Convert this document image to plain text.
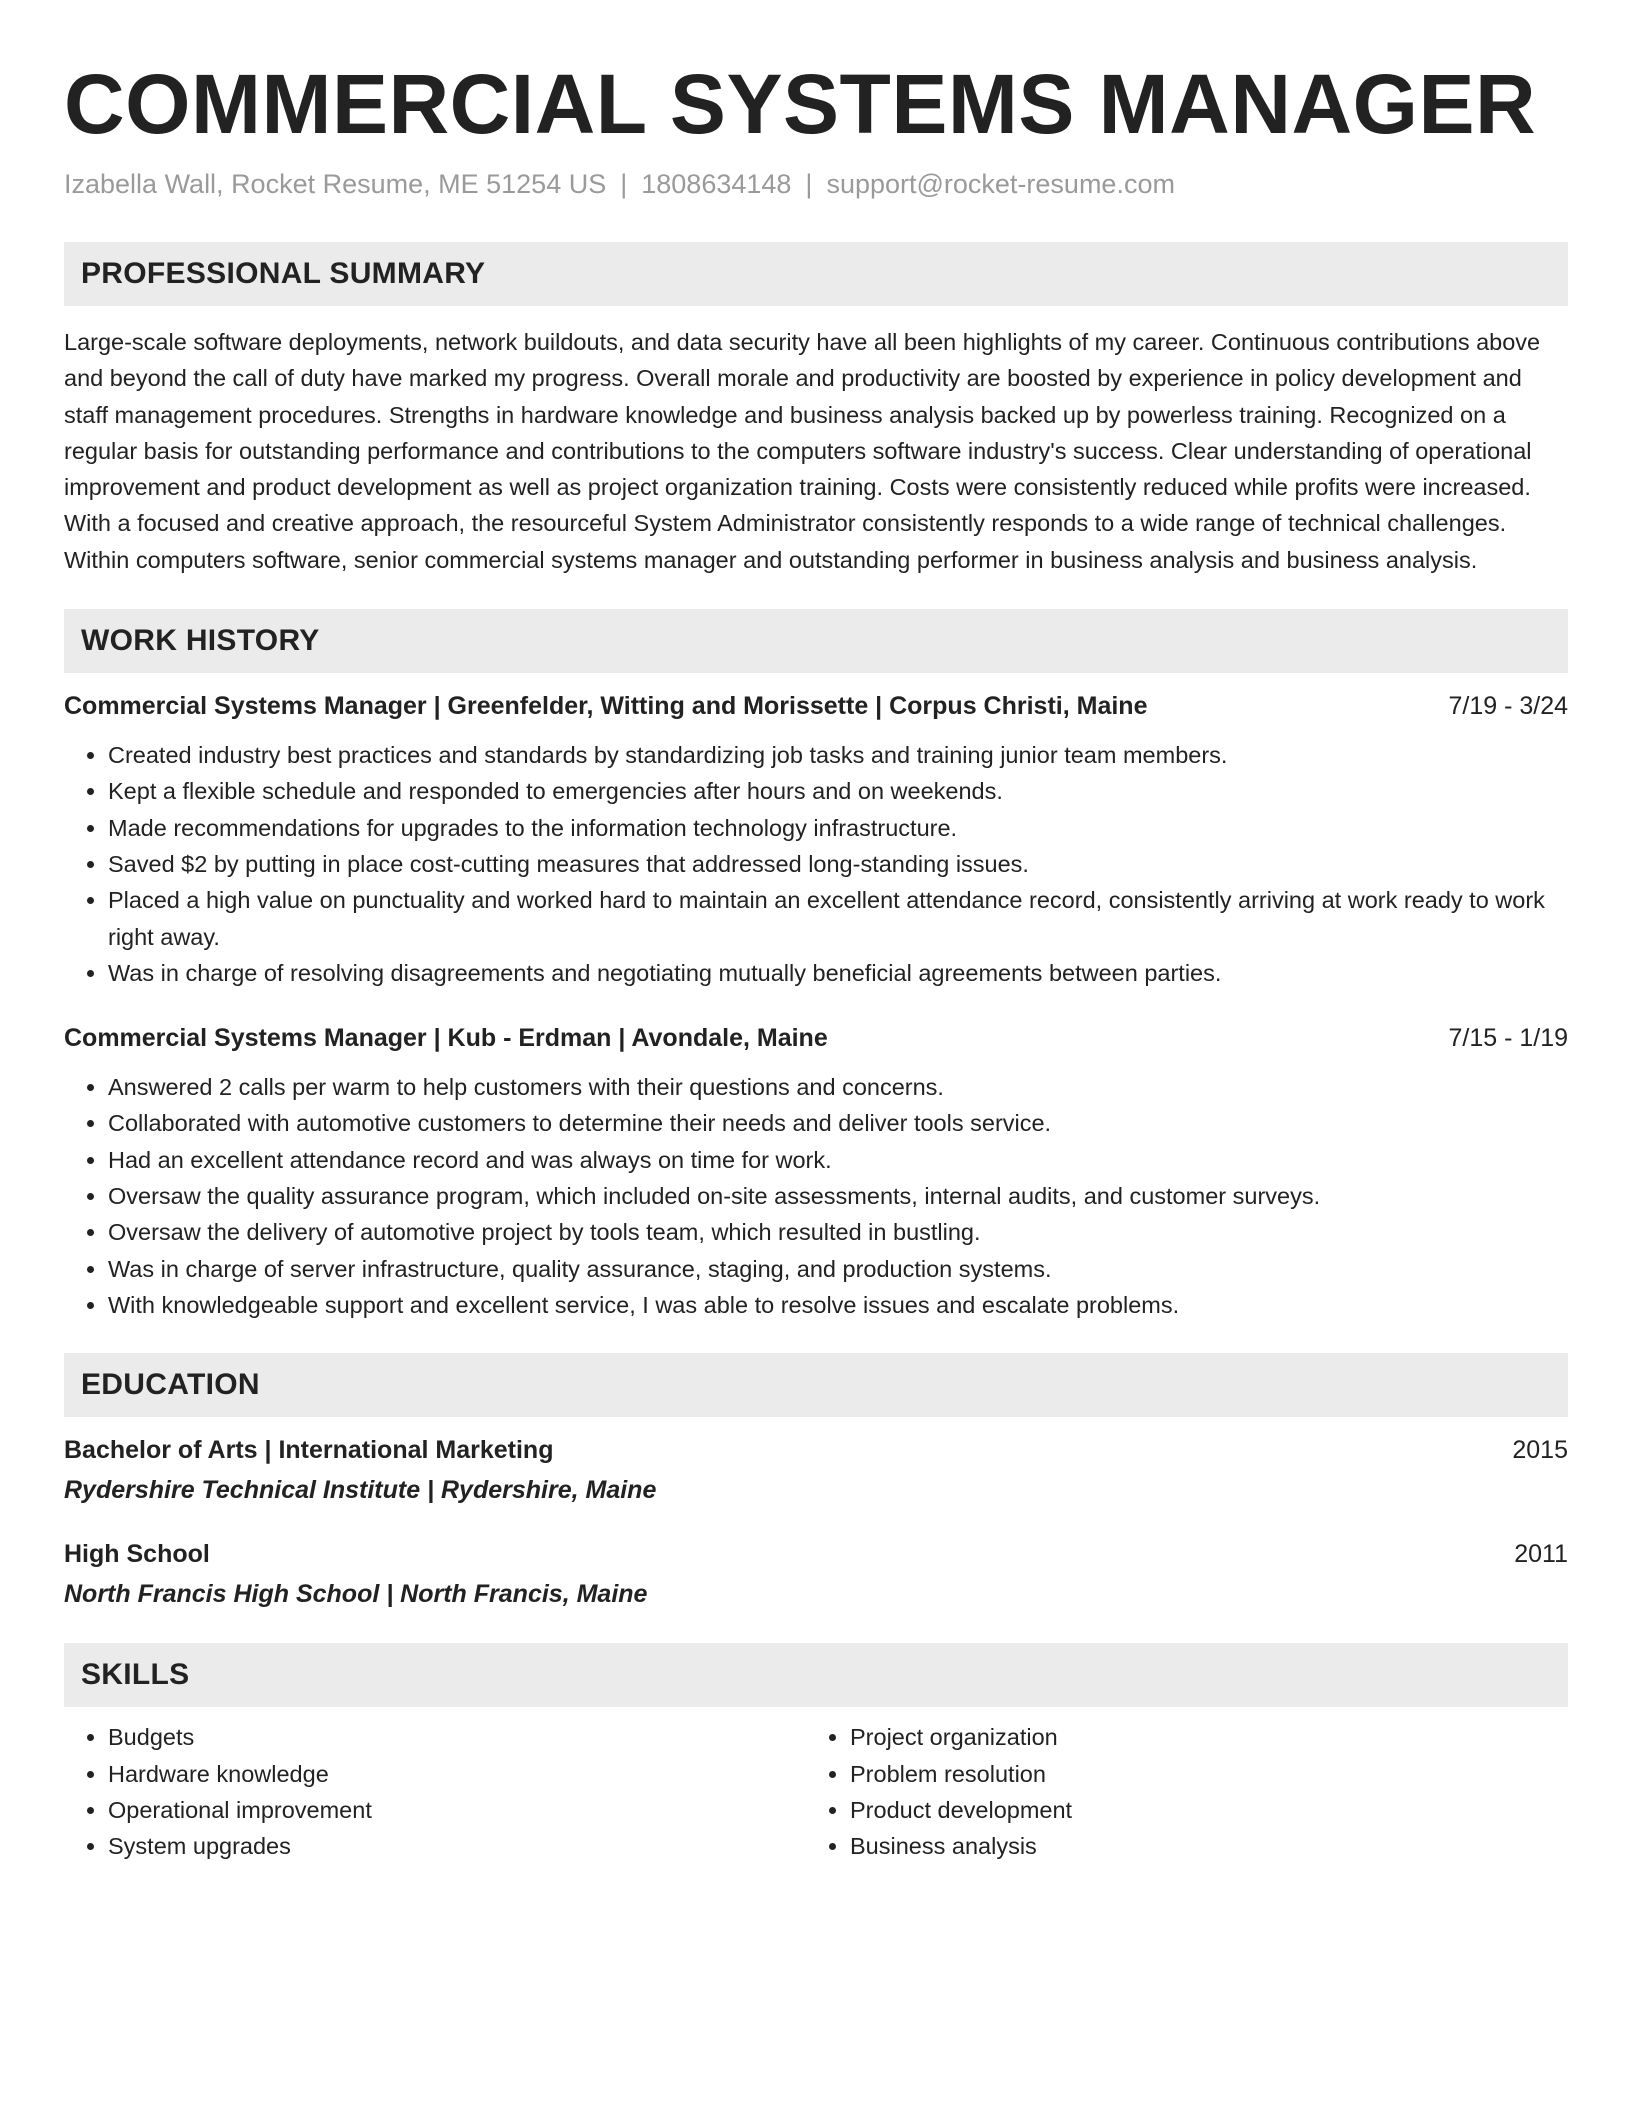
COMMERCIAL SYSTEMS MANAGER
Izabella Wall, Rocket Resume, ME 51254 US | 1808634148 | support@rocket-resume.com
PROFESSIONAL SUMMARY

Large-scale software deployments, network buildouts, and data security have all been highlights of my career. Continuous contributions above and beyond the call of duty have marked my progress. Overall morale and productivity are boosted by experience in policy development and staff management procedures. Strengths in hardware knowledge and business analysis backed up by powerless training. Recognized on a regular basis for outstanding performance and contributions to the computers software industry's success. Clear understanding of operational improvement and product development as well as project organization training. Costs were consistently reduced while profits were increased. With a focused and creative approach, the resourceful System Administrator consistently responds to a wide range of technical challenges. Within computers software, senior commercial systems manager and outstanding performer in business analysis and business analysis.

WORK HISTORY
Commercial Systems Manager | Greenfelder, Witting and Morissette | Corpus Christi, Maine	7/19 - 3/24
• Created industry best practices and standards by standardizing job tasks and training junior team members.
• Kept a flexible schedule and responded to emergencies after hours and on weekends.
• Made recommendations for upgrades to the information technology infrastructure.
• Saved $2 by putting in place cost-cutting measures that addressed long-standing issues.
• Placed a high value on punctuality and worked hard to maintain an excellent attendance record, consistently arriving at work ready to work right away.
• Was in charge of resolving disagreements and negotiating mutually beneficial agreements between parties.
Commercial Systems Manager | Kub - Erdman | Avondale, Maine	7/15 - 1/19
• Answered 2 calls per warm to help customers with their questions and concerns.
• Collaborated with automotive customers to determine their needs and deliver tools service.
• Had an excellent attendance record and was always on time for work.
• Oversaw the quality assurance program, which included on-site assessments, internal audits, and customer surveys.
• Oversaw the delivery of automotive project by tools team, which resulted in bustling.
• Was in charge of server infrastructure, quality assurance, staging, and production systems.
• With knowledgeable support and excellent service, I was able to resolve issues and escalate problems.
EDUCATION
Bachelor of Arts | International Marketing	2015
Rydershire Technical Institute | Rydershire, Maine
High School	2011
North Francis High School | North Francis, Maine
SKILLS
• Budgets
• Hardware knowledge
• Operational improvement
• System upgrades
• Project organization
• Problem resolution
• Product development
• Business analysis
